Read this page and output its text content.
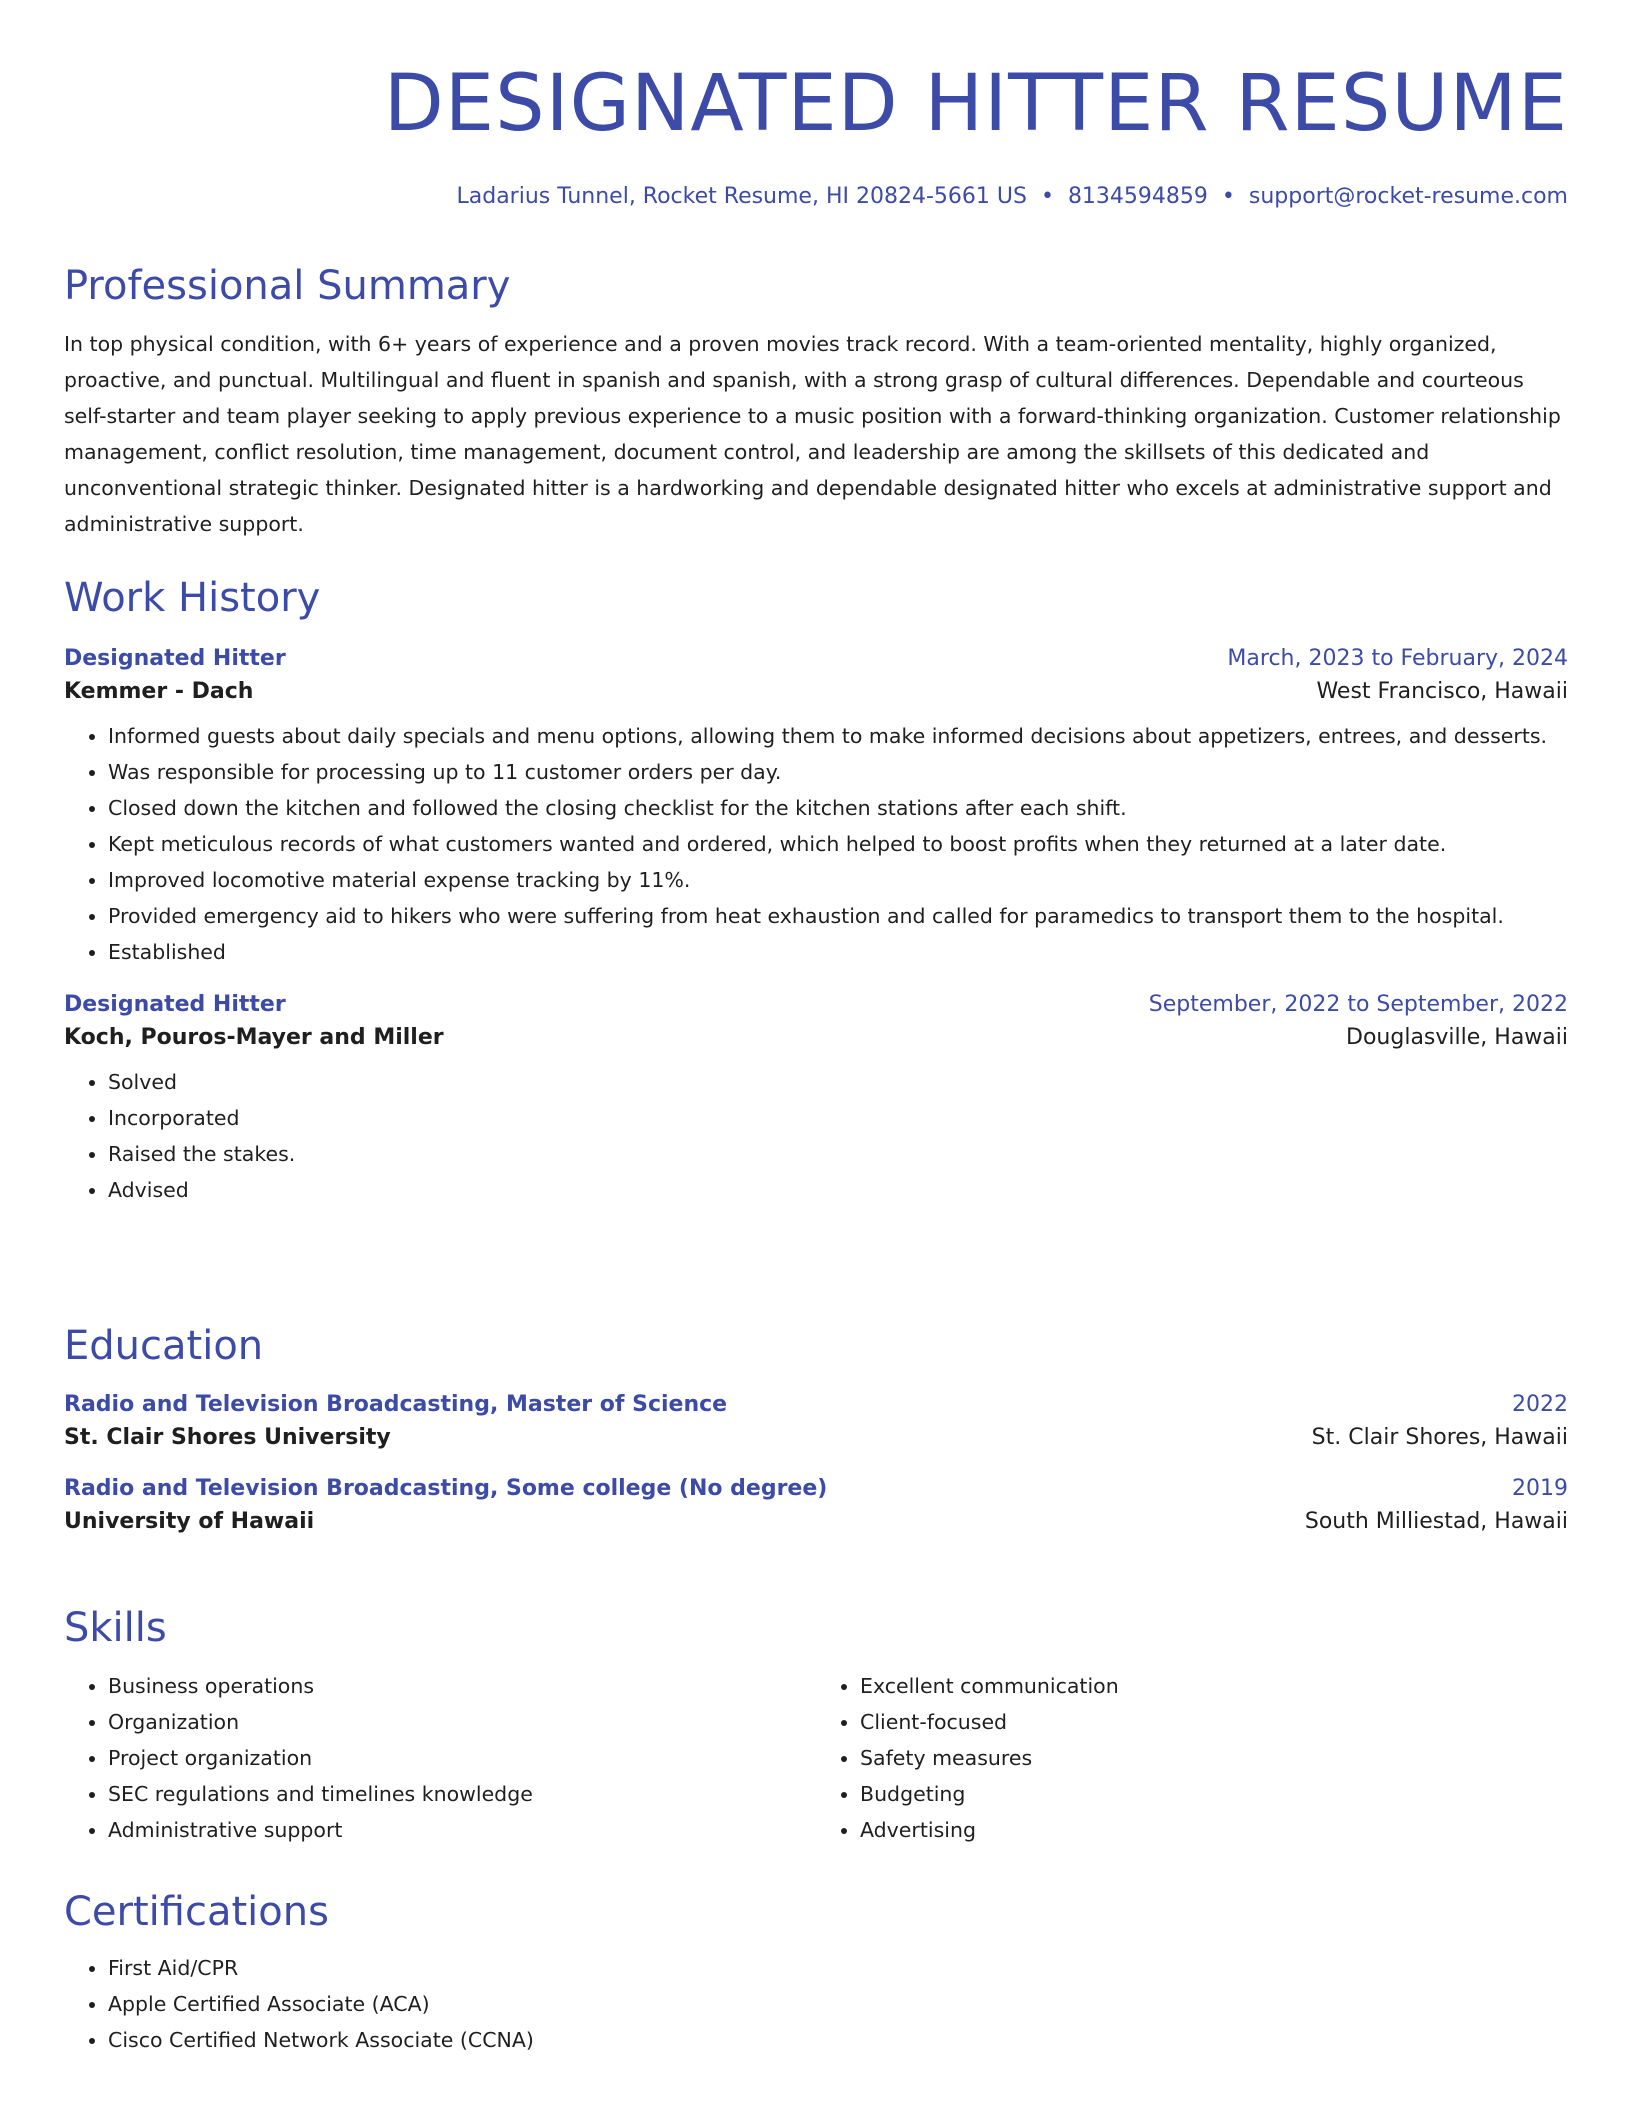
DESIGNATED HITTER RESUME
Ladarius Tunnel, Rocket Resume, HI 20824-5661 US • 8134594859 • support@rocket-resume.com
Professional Summary

In top physical condition, with 6+ years of experience and a proven movies track record. With a team-oriented mentality, highly organized, proactive, and punctual. Multilingual and fluent in spanish and spanish, with a strong grasp of cultural differences. Dependable and courteous self-starter and team player seeking to apply previous experience to a music position with a forward-thinking organization. Customer relationship management, conflict resolution, time management, document control, and leadership are among the skillsets of this dedicated and unconventional strategic thinker. Designated hitter is a hardworking and dependable designated hitter who excels at administrative support and administrative support.

Work History
Designated Hitter	March, 2023 to February, 2024
Kemmer - Dach	West Francisco, Hawaii
• Informed guests about daily specials and menu options, allowing them to make informed decisions about appetizers, entrees, and desserts.
• Was responsible for processing up to 11 customer orders per day.
• Closed down the kitchen and followed the closing checklist for the kitchen stations after each shift.
• Kept meticulous records of what customers wanted and ordered, which helped to boost profits when they returned at a later date.
• Improved locomotive material expense tracking by 11%.
• Provided emergency aid to hikers who were suffering from heat exhaustion and called for paramedics to transport them to the hospital.
• Established
Designated Hitter	September, 2022 to September, 2022
Koch, Pouros-Mayer and Miller	Douglasville, Hawaii
• Solved
• Incorporated
• Raised the stakes.
• Advised
Education
Radio and Television Broadcasting, Master of Science	2022
St. Clair Shores University	St. Clair Shores, Hawaii
Radio and Television Broadcasting, Some college (No degree)	2019
University of Hawaii	South Milliestad, Hawaii
Skills
• Business operations
• Organization
• Project organization
• SEC regulations and timelines knowledge
• Administrative support
• Excellent communication
• Client-focused
• Safety measures
• Budgeting
• Advertising
Certifications
• First Aid/CPR
• Apple Certified Associate (ACA)
• Cisco Certified Network Associate (CCNA)
